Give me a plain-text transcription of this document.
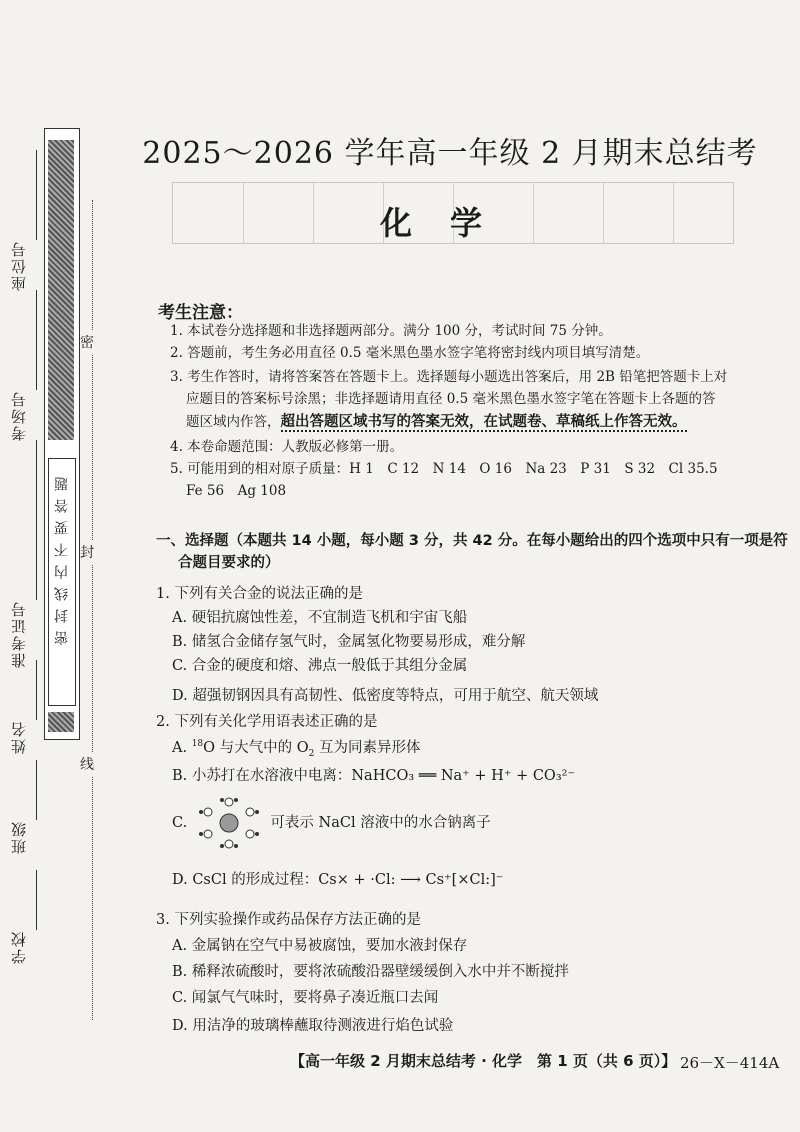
座位号
考场号
准考证号
姓名
班级
学校
密封线内不要答题
密
封
线
2025～2026 学年高一年级 2 月期末总结考
化学
考生注意：
1. 本试卷分选择题和非选择题两部分。满分 100 分，考试时间 75 分钟。
2. 答题前，考生务必用直径 0.5 毫米黑色墨水签字笔将密封线内项目填写清楚。
3. 考生作答时，请将答案答在答题卡上。选择题每小题选出答案后，用 2B 铅笔把答题卡上对
应题目的答案标号涂黑；非选择题请用直径 0.5 毫米黑色墨水签字笔在答题卡上各题的答
题区域内作答，超出答题区域书写的答案无效，在试题卷、草稿纸上作答无效。
4. 本卷命题范围：人教版必修第一册。
5. 可能用到的相对原子质量：H 1　C 12　N 14　O 16　Na 23　P 31　S 32　Cl 35.5
Fe 56　Ag 108
一、选择题（本题共 14 小题，每小题 3 分，共 42 分。在每小题给出的四个选项中只有一项是符
合题目要求的）
1. 下列有关合金的说法正确的是
A. 硬铝抗腐蚀性差，不宜制造飞机和宇宙飞船
B. 储氢合金储存氢气时，金属氢化物要易形成，难分解
C. 合金的硬度和熔、沸点一般低于其组分金属
D. 超强韧钢因具有高韧性、低密度等特点，可用于航空、航天领域
2. 下列有关化学用语表述正确的是
A. $^{18}$O 与大气中的 $O_2$ 互为同素异形体
B. 小苏打在水溶液中电离：NaHCO₃ ══ Na⁺ + H⁺ + CO₃²⁻
C.	可表示 NaCl 溶液中的水合钠离子
D. CsCl 的形成过程：Cs× + ·Cl: ⟶ Cs⁺[×Cl:]⁻
3. 下列实验操作或药品保存方法正确的是
A. 金属钠在空气中易被腐蚀，要加水液封保存
B. 稀释浓硫酸时，要将浓硫酸沿器壁缓缓倒入水中并不断搅拌
C. 闻氯气气味时，要将鼻子凑近瓶口去闻
D. 用洁净的玻璃棒蘸取待测液进行焰色试验
【高一年级 2 月期末总结考 · 化学　第 1 页（共 6 页）】 26－X－414A
